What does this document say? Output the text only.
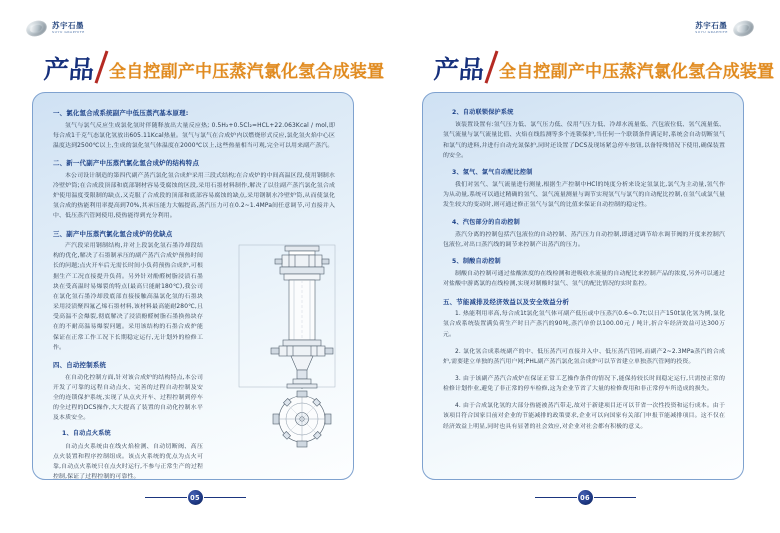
苏宇石墨
SUYU GRAPHITE
产品 全自控副产中压蒸汽氯化氢合成装置
一、氯化氢合成系统副产中低压蒸汽基本原理:

氢气与氯气反应生成氯化氢时伴随释放出大量反应热; 0.5H₂+0.5Cl₂=HCL+22.063Kcal / mol,即每合成1千克气态氯化氢放出605.11Kcal热量。氢气与氯气在合成炉内以燃烧形式反应,氯化氢火焰中心区温度达到2500℃以上,生成的氯化氢气体温度在2000℃以上,这些热量相当可观,完全可以用来副产蒸汽。

二、新一代副产中压蒸汽氯化氢合成炉的结构特点

本公司设计制造的第四代副产蒸汽氯化氢合成炉采用三段式结构;在合成炉的中间高温区段,使用钢制水冷壁炉筒;在合成段顶部和底部钢材容易受腐蚀的区段,采用石墨材料制作,解决了以往副产蒸汽氯化氢合成炉使用温度受限制的缺点,又克服了合成段的顶部和底部容易腐蚀的缺点,采用钢制水冷壁炉筒,从而使氯化氢合成的热能利用率提高到70%,其承压能力大幅提高,蒸汽压力可在0.2~1.4MPa间任意调节,可直接并入中、低压蒸汽管网使用,使热能得到充分利用。

三、副产中压蒸汽氯化氢合成炉的优缺点

产汽段采用钢制结构,并对上段氯化氢石墨冷却段结构的优化,解决了石墨制承压的副产蒸汽合成炉预热时间长的问题;点火开车后无需长时间小负荷预热合成炉,可根据生产工况直接提升负荷。另外针对酚醛树脂浸渍石墨块在受高温时易爆裂的特点(最高只能耐180℃),我公司在氯化氢石墨冷却段底部直接接触高温氯化氢的石墨块采用浸渍聚四氟乙烯石墨材料,该材料最高能耐280℃,且受高温不会爆裂,彻底解决了浸渍酚醛树脂石墨换热块存在的不耐高温易爆裂问题。采用该结构的石墨合成炉能保证在正常工作工况下长期稳定运行,无计划外的检修工作。

四、自动控制系统

在自动化控制方面,针对该合成炉的结构特点,本公司开发了可靠的远程自动点火、完善的过程自动控制及安全的连锁保护系统,实现了从点火开车、过程控制到停车的全过程的DCS操作,大大提高了装置的自动化控制水平及本质安全。

1、自动点火系统

自动点火系统由在线火焰检测、自动切断阀、高压点火装置和程序控制组成。该点火系统的优点为点火可靠,自动点火系统只在点火时运行,不参与正常生产的过程控制,保证了过程控制的可靠性。

05
苏宇石墨
SUYU GRAPHITE
产品 全自控副产中压蒸汽氯化氢合成装置
2、自动联锁保护系统

该装置设置有:氢气压力低、氯气压力低、仪用气压力低、冷却水流量低、汽包液位低、氢气流量低、氢气流量与氯气流量比值、火焰在线监测等多个连锁保护,当任何一个联锁条件满足时,系统会自动切断氢气和氯气的进料,并进行自动充氮保护,同时还设置了DCS及现场紧急停车按钮,以备特殊情况下使用,确保装置的安全。

3、氢气、氯气自动配比控制

我们对氢气、氯气流量进行测量,根据生产控制中HCl的纯度分析来设定氢氯比,氯气为主动量,氢气作为从动量,系统可以通过精确的氢气、氯气流量测量与调节实现氢气与氯气的自动配比控制,在氢气或氯气量发生较大的变动时,则可通过修正氢气与氯气的比值来保证自动控制的稳定性。

4、汽包部分的自动控制

蒸汽分离的控制包括汽包液位的自动控制、蒸汽压力自动控制,即通过调节给水调节阀的开度来控制汽包液位,对出口蒸汽线的调节来控制产出蒸汽的压力。

5、制酸自动控制

制酸自动控制可通过盐酸浓度的在线检测和进吸收水流量的自动配比来控制产品的浓度,另外可以通过对盐酸中游离氯的在线检测,实现对制酸时氯气、氢气的配比情况的实时监控。

五、节能减排及经济效益以及安全效益分析

1. 热能利用率高,每合成1t氯化氢气体可副产低压或中压蒸汽0.6~0.7t;以日产150t氯化氢为例,氯化氢合成系统装置满负荷生产时日产蒸汽的90吨,蒸汽单价以100.00元 / 吨计,折合年经济效益可达300万元。

2. 氯化氢合成系统副产的中、低压蒸汽可直接并入中、低压蒸汽管网,而副产2~2.3MPa蒸汽的合成炉,需要建立单独的蒸汽用户网;PHL副产蒸汽氯化氢合成炉可以节省建立单独蒸汽管网的投资。

3. 由于该副产蒸汽合成炉在保证正常工艺操作条件的情况下,能保持较长时间稳定运行,只需按正常的检修计划作业,避免了非正常的停车检修,这为企业节省了大量的检修费用和非正常停车所造成的损失。

4. 由于合成氯化氢的大部分热能被蒸汽带走,故对于新建项目还可以节省一次性投资和运行成本。由于该项目符合国家目前对企业的节能减排的政策要求,企业可以向国家有关部门申报节能减排项目。这不仅在经济效益上明显,同时也具有显著的社会效应,对企业对社会都有积极的意义。

06
